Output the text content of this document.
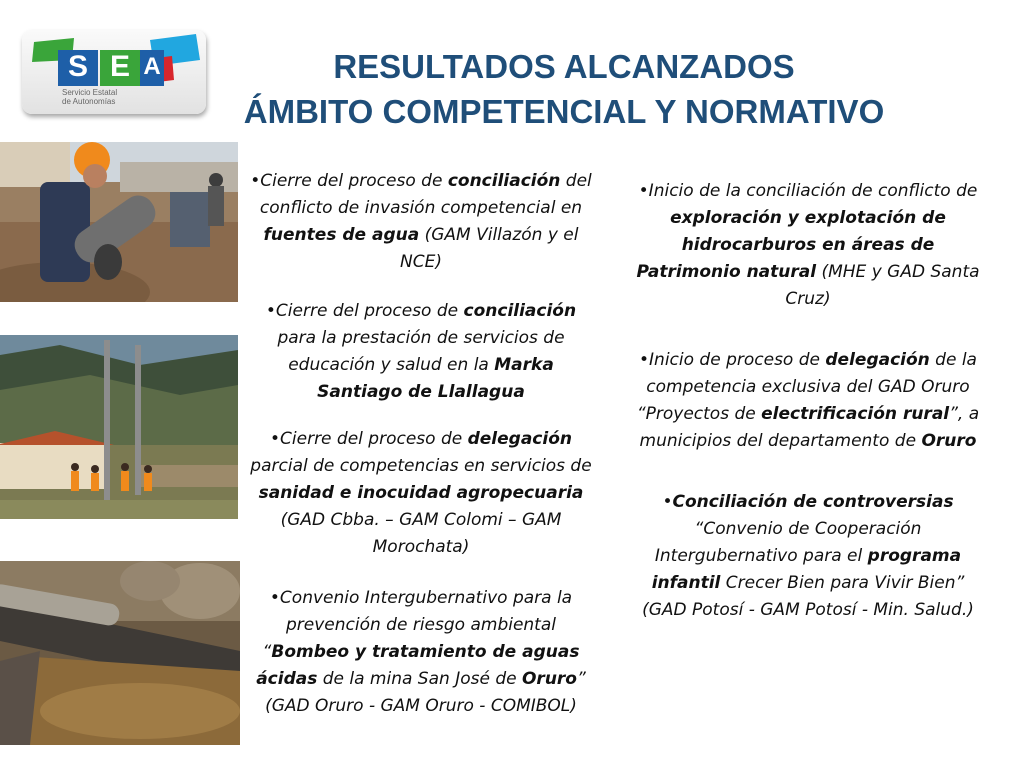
S E A
Servicio Estatal
de Autonomías
RESULTADOS ALCANZADOS
ÁMBITO COMPETENCIAL Y NORMATIVO

•Cierre del proceso de conciliación del conflicto de invasión competencial en fuentes de agua (GAM Villazón y el NCE)

•Cierre del proceso de conciliación para la prestación de servicios de educación y salud en la Marka Santiago de Llallagua

•Cierre del proceso de delegación parcial de competencias en servicios de sanidad e inocuidad agropecuaria (GAD Cbba. – GAM Colomi – GAM Morochata)

•Convenio Intergubernativo para la prevención de riesgo ambiental “Bombeo y tratamiento de aguas ácidas de la mina San José de Oruro” (GAD Oruro - GAM Oruro - COMIBOL)

•Inicio de la conciliación de conflicto de exploración y explotación de hidrocarburos en áreas de Patrimonio natural (MHE y GAD Santa Cruz)

•Inicio de proceso de delegación de la competencia exclusiva del GAD Oruro “Proyectos de electrificación rural”, a municipios del departamento de Oruro

•Conciliación de controversias “Convenio de Cooperación Intergubernativo para el programa infantil Crecer Bien para Vivir Bien” (GAD Potosí - GAM Potosí - Min. Salud.)
